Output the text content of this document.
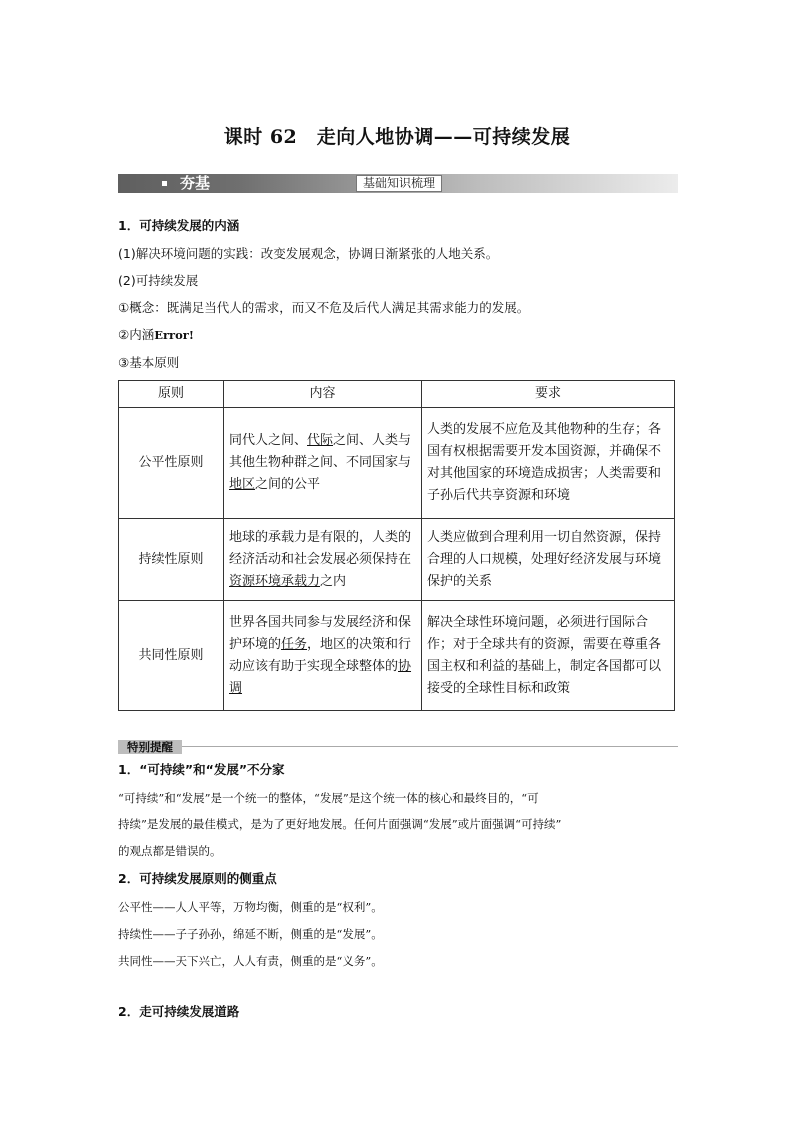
课时 62　走向人地协调——可持续发展
夯基	基础知识梳理
1．可持续发展的内涵
(1)解决环境问题的实践：改变发展观念，协调日渐紧张的人地关系。
(2)可持续发展
①概念：既满足当代人的需求，而又不危及后代人满足其需求能力的发展。
②内涵Error!
③基本原则
原则	内容	要求
公平性原则	同代人之间、代际之间、人类与其他生物种群之间、不同国家与地区之间的公平	人类的发展不应危及其他物种的生存；各国有权根据需要开发本国资源，并确保不对其他国家的环境造成损害；人类需要和子孙后代共享资源和环境
持续性原则	地球的承载力是有限的，人类的经济活动和社会发展必须保持在资源环境承载力之内	人类应做到合理利用一切自然资源，保持合理的人口规模，处理好经济发展与环境保护的关系
共同性原则	世界各国共同参与发展经济和保护环境的任务，地区的决策和行动应该有助于实现全球整体的协调	解决全球性环境问题，必须进行国际合作；对于全球共有的资源，需要在尊重各国主权和利益的基础上，制定各国都可以接受的全球性目标和政策
特别提醒
1．“可持续”和“发展”不分家
“可持续”和“发展”是一个统一的整体，“发展”是这个统一体的核心和最终目的，“可
持续”是发展的最佳模式，是为了更好地发展。任何片面强调“发展”或片面强调“可持续”
的观点都是错误的。
2．可持续发展原则的侧重点
公平性——人人平等，万物均衡，侧重的是“权利”。
持续性——子子孙孙，绵延不断，侧重的是“发展”。
共同性——天下兴亡，人人有责，侧重的是“义务”。
2．走可持续发展道路
